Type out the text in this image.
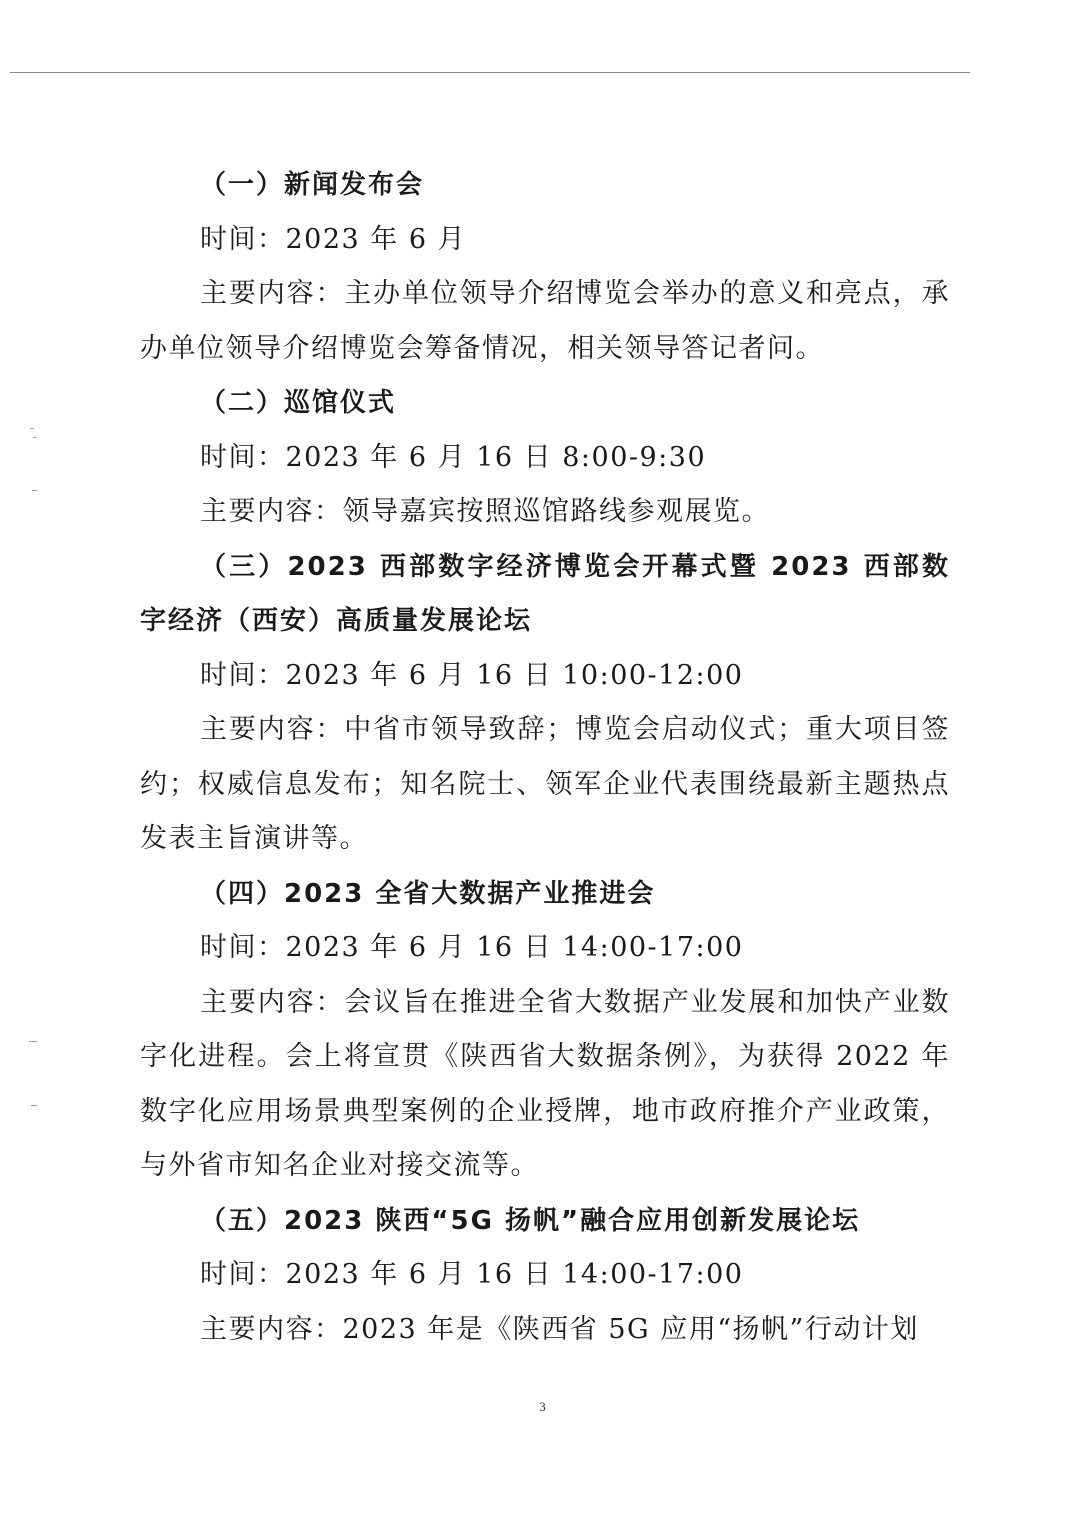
（一）新闻发布会

时间：2023 年 6 月

主要内容：主办单位领导介绍博览会举办的意义和亮点，承办单位领导介绍博览会筹备情况，相关领导答记者问。

（二）巡馆仪式

时间：2023 年 6 月 16 日 8:00-9:30

主要内容：领导嘉宾按照巡馆路线参观展览。

（三）2023 西部数字经济博览会开幕式暨 2023 西部数字经济（西安）高质量发展论坛

时间：2023 年 6 月 16 日 10:00-12:00

主要内容：中省市领导致辞；博览会启动仪式；重大项目签约；权威信息发布；知名院士、领军企业代表围绕最新主题热点发表主旨演讲等。

（四）2023 全省大数据产业推进会

时间：2023 年 6 月 16 日 14:00-17:00

主要内容：会议旨在推进全省大数据产业发展和加快产业数字化进程。会上将宣贯《陕西省大数据条例》，为获得 2022 年数字化应用场景典型案例的企业授牌，地市政府推介产业政策，与外省市知名企业对接交流等。

（五）2023 陕西“5G 扬帆”融合应用创新发展论坛

时间：2023 年 6 月 16 日 14:00-17:00

主要内容：2023 年是《陕西省 5G 应用“扬帆”行动计划

3
